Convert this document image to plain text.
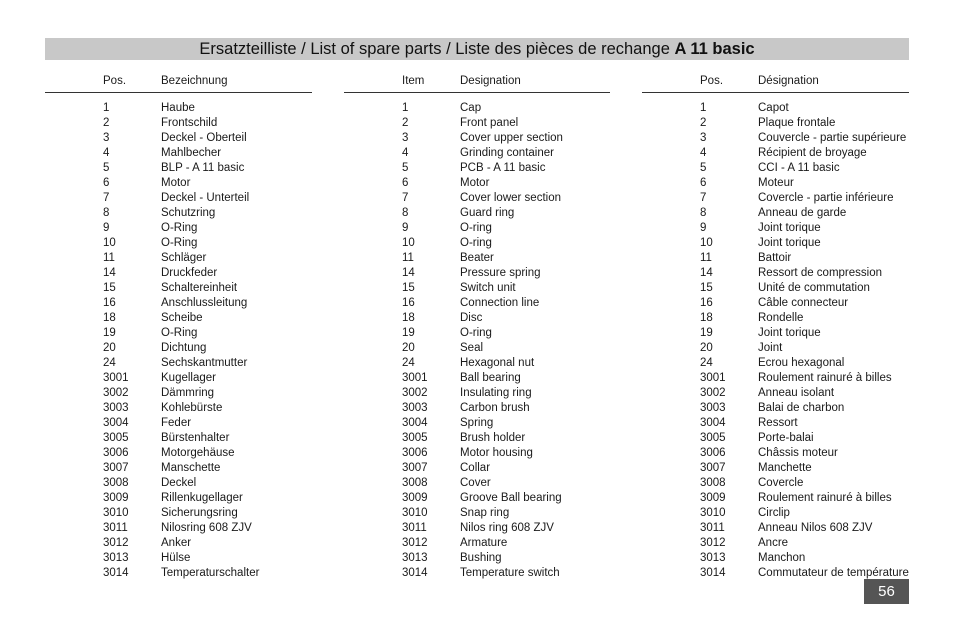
Ersatzteilliste / List of spare parts / Liste des pièces de rechange A 11 basic
Pos.	Bezeichnung
1	Haube
2	Frontschild
3	Deckel - Oberteil
4	Mahlbecher
5	BLP - A 11 basic
6	Motor
7	Deckel - Unterteil
8	Schutzring
9	O-Ring
10	O-Ring
11	Schläger
14	Druckfeder
15	Schaltereinheit
16	Anschlussleitung
18	Scheibe
19	O-Ring
20	Dichtung
24	Sechskantmutter
3001	Kugellager
3002	Dämmring
3003	Kohlebürste
3004	Feder
3005	Bürstenhalter
3006	Motorgehäuse
3007	Manschette
3008	Deckel
3009	Rillenkugellager
3010	Sicherungsring
3011	Nilosring 608 ZJV
3012	Anker
3013	Hülse
3014	Temperaturschalter
Item	Designation
1	Cap
2	Front panel
3	Cover upper section
4	Grinding container
5	PCB - A 11 basic
6	Motor
7	Cover lower section
8	Guard ring
9	O-ring
10	O-ring
11	Beater
14	Pressure spring
15	Switch unit
16	Connection line
18	Disc
19	O-ring
20	Seal
24	Hexagonal nut
3001	Ball bearing
3002	Insulating ring
3003	Carbon brush
3004	Spring
3005	Brush holder
3006	Motor housing
3007	Collar
3008	Cover
3009	Groove Ball bearing
3010	Snap ring
3011	Nilos ring 608 ZJV
3012	Armature
3013	Bushing
3014	Temperature switch
Pos.	Désignation
1	Capot
2	Plaque frontale
3	Couvercle - partie supérieure
4	Récipient de broyage
5	CCI - A 11 basic
6	Moteur
7	Covercle - partie inférieure
8	Anneau de garde
9	Joint torique
10	Joint torique
11	Battoir
14	Ressort de compression
15	Unité de commutation
16	Câble connecteur
18	Rondelle
19	Joint torique
20	Joint
24	Ecrou hexagonal
3001	Roulement rainuré à billes
3002	Anneau isolant
3003	Balai de charbon
3004	Ressort
3005	Porte-balai
3006	Châssis moteur
3007	Manchette
3008	Covercle
3009	Roulement rainuré à billes
3010	Circlip
3011	Anneau Nilos 608 ZJV
3012	Ancre
3013	Manchon
3014	Commutateur de température
56
